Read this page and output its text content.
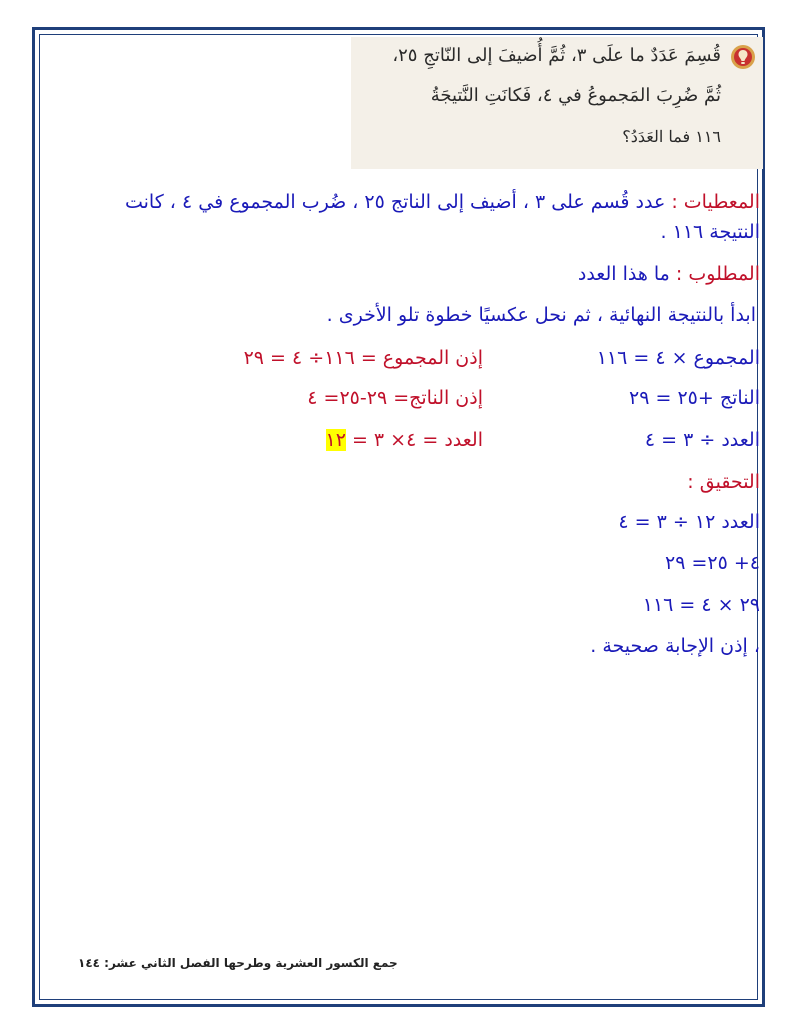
قُسِمَ عَدَدٌ ما علَى ٣، ثُمَّ أُضيفَ إلى النّاتجِ ٢٥،
ثُمَّ ضُرِبَ المَجموعُ في ٤، فَكانَتِ النَّتيجَةُ
١١٦ فما العَدَدُ؟
المعطيات : عدد قُسم على ٣ ، أضيف إلى الناتج ٢٥ ، ضُرب المجموع في ٤ ، كانت
النتيجة ١١٦ .
المطلوب : ما هذا العدد
ابدأ بالنتيجة النهائية ، ثم نحل عكسيًا خطوة تلو الأخرى .
المجموع × ٤ = ١١٦
إذن المجموع = ١١٦÷ ٤ = ٢٩
الناتج +٢٥ = ٢٩
إذن الناتج= ٢٩-٢٥= ٤
العدد ÷ ٣ = ٤
العدد = ٤× ٣ = ١٢
التحقيق :
العدد ١٢ ÷ ٣ = ٤
٤+ ٢٥= ٢٩
٢٩ × ٤ = ١١٦
، إذن الإجابة صحيحة .
جمع الكسور العشرية وطرحها الفصل الثاني عشر: ١٤٤
